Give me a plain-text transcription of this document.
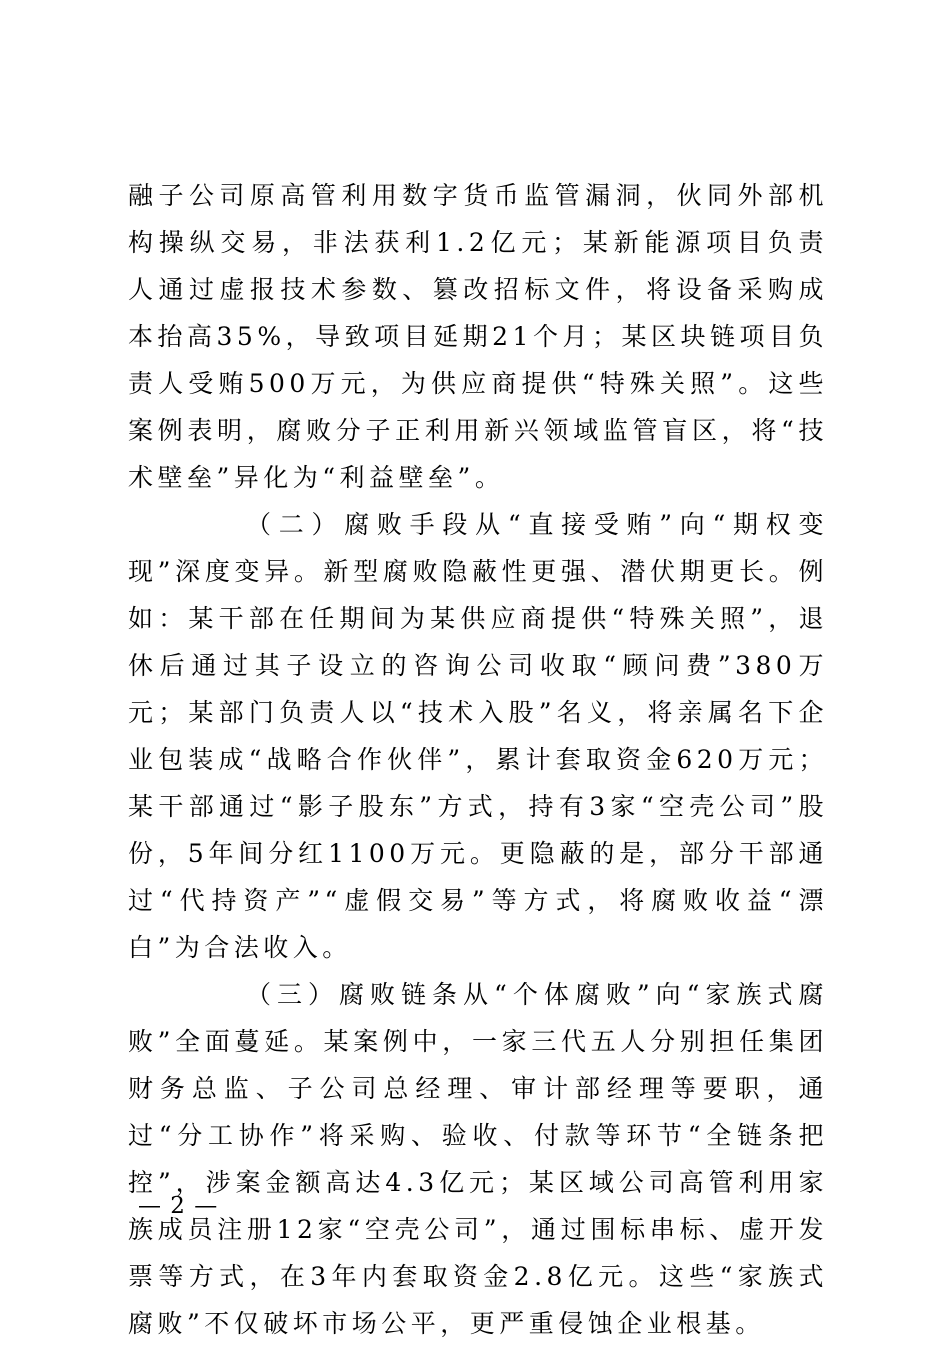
融子公司原高管利用数字货币监管漏洞，伙同外部机构操纵交易，非法获利1.2亿元；某新能源项目负责人通过虚报技术参数、篡改招标文件，将设备采购成本抬高35%，导致项目延期21个月；某区块链项目负责人受贿500万元，为供应商提供“特殊关照”。这些案例表明，腐败分子正利用新兴领域监管盲区，将“技术壁垒”异化为“利益壁垒”。

（二）腐败手段从“直接受贿”向“期权变现”深度变异。新型腐败隐蔽性更强、潜伏期更长。例如：某干部在任期间为某供应商提供“特殊关照”，退休后通过其子设立的咨询公司收取“顾问费”380万元；某部门负责人以“技术入股”名义，将亲属名下企业包装成“战略合作伙伴”，累计套取资金620万元；某干部通过“影子股东”方式，持有3家“空壳公司”股份，5年间分红1100万元。更隐蔽的是，部分干部通过“代持资产”“虚假交易”等方式，将腐败收益“漂白”为合法收入。

（三）腐败链条从“个体腐败”向“家族式腐败”全面蔓延。某案例中，一家三代五人分别担任集团财务总监、子公司总经理、审计部经理等要职，通过“分工协作”将采购、验收、付款等环节“全链条把控”，涉案金额高达4.3亿元；某区域公司高管利用家族成员注册12家“空壳公司”，通过围标串标、虚开发票等方式，在3年内套取资金2.8亿元。这些“家族式腐败”不仅破坏市场公平，更严重侵蚀企业根基。

— 2 —
